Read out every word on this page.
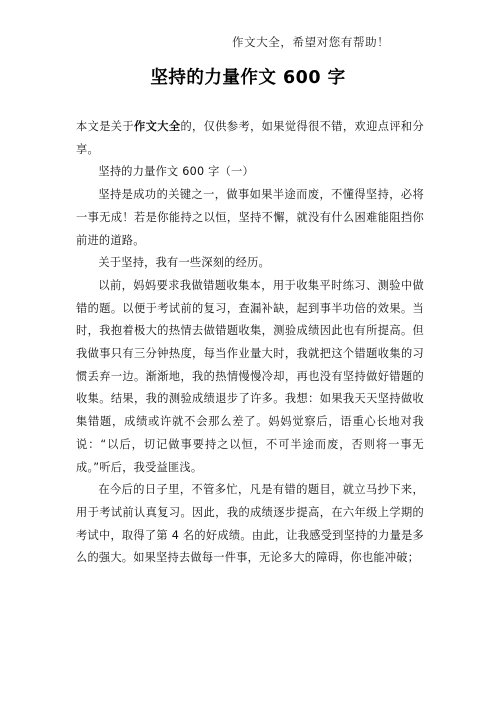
作文大全，希望对您有帮助！
坚持的力量作文 600 字

本文是关于作文大全的，仅供参考，如果觉得很不错，欢迎点评和分享。

坚持的力量作文 600 字（一）

坚持是成功的关键之一，做事如果半途而废，不懂得坚持，必将一事无成！若是你能持之以恒，坚持不懈，就没有什么困难能阻挡你前进的道路。

关于坚持，我有一些深刻的经历。

以前，妈妈要求我做错题收集本，用于收集平时练习、测验中做错的题。以便于考试前的复习，查漏补缺，起到事半功倍的效果。当时，我抱着极大的热情去做错题收集，测验成绩因此也有所提高。但我做事只有三分钟热度，每当作业量大时，我就把这个错题收集的习惯丢弃一边。渐渐地，我的热情慢慢冷却，再也没有坚持做好错题的收集。结果，我的测验成绩退步了许多。我想：如果我天天坚持做收集错题，成绩或许就不会那么差了。妈妈觉察后，语重心长地对我说：“以后，切记做事要持之以恒，不可半途而废，否则将一事无成。”听后，我受益匪浅。

在今后的日子里，不管多忙，凡是有错的题目，就立马抄下来，用于考试前认真复习。因此，我的成绩逐步提高，在六年级上学期的考试中，取得了第 4 名的好成绩。由此，让我感受到坚持的力量是多么的强大。如果坚持去做每一件事，无论多大的障碍，你也能冲破；
